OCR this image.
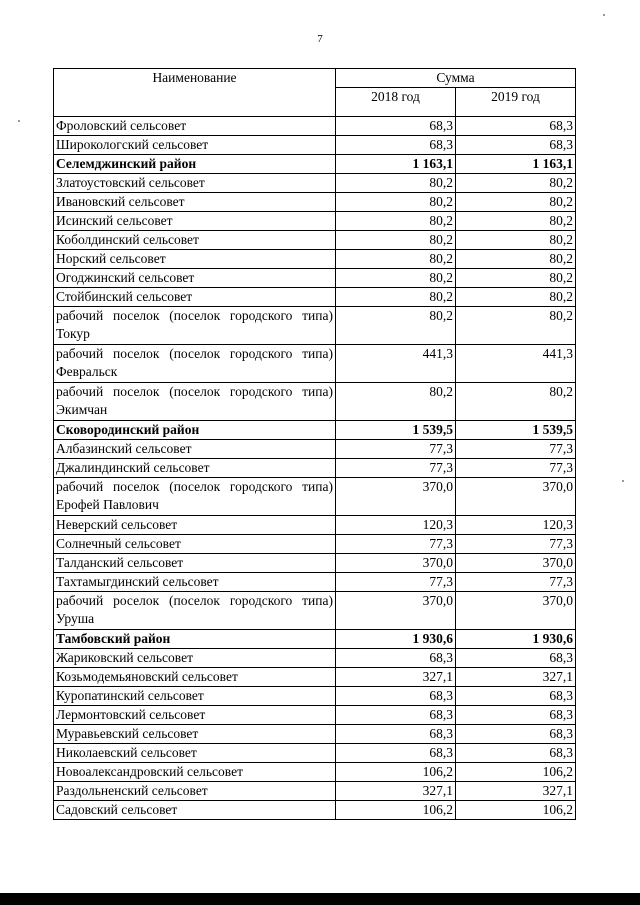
7
Наименование	Сумма	
	2018 год	2019 год
Фроловский сельсовет	68,3	68,3
Широкологский сельсовет	68,3	68,3
Селемджинский район	1 163,1	1 163,1
Златоустовский сельсовет	80,2	80,2
Ивановский сельсовет	80,2	80,2
Исинский сельсовет	80,2	80,2
Коболдинский сельсовет	80,2	80,2
Норский сельсовет	80,2	80,2
Огоджинский сельсовет	80,2	80,2
Стойбинский сельсовет	80,2	80,2
рабочий поселок (поселок городского типа) Токур	80,2	80,2
рабочий поселок (поселок городского типа) Февральск	441,3	441,3
рабочий поселок (поселок городского типа) Экимчан	80,2	80,2
Сковородинский район	1 539,5	1 539,5
Албазинский сельсовет	77,3	77,3
Джалиндинский сельсовет	77,3	77,3
рабочий поселок (поселок городского типа) Ерофей Павлович	370,0	370,0
Неверский сельсовет	120,3	120,3
Солнечный сельсовет	77,3	77,3
Талданский сельсовет	370,0	370,0
Тахтамыгдинский сельсовет	77,3	77,3
рабочий роселок (поселок городского типа) Уруша	370,0	370,0
Тамбовский район	1 930,6	1 930,6
Жариковский сельсовет	68,3	68,3
Козьмодемьяновский сельсовет	327,1	327,1
Куропатинский сельсовет	68,3	68,3
Лермонтовский сельсовет	68,3	68,3
Муравьевский сельсовет	68,3	68,3
Николаевский сельсовет	68,3	68,3
Новоалександровский сельсовет	106,2	106,2
Раздольненский сельсовет	327,1	327,1
Садовский сельсовет	106,2	106,2
